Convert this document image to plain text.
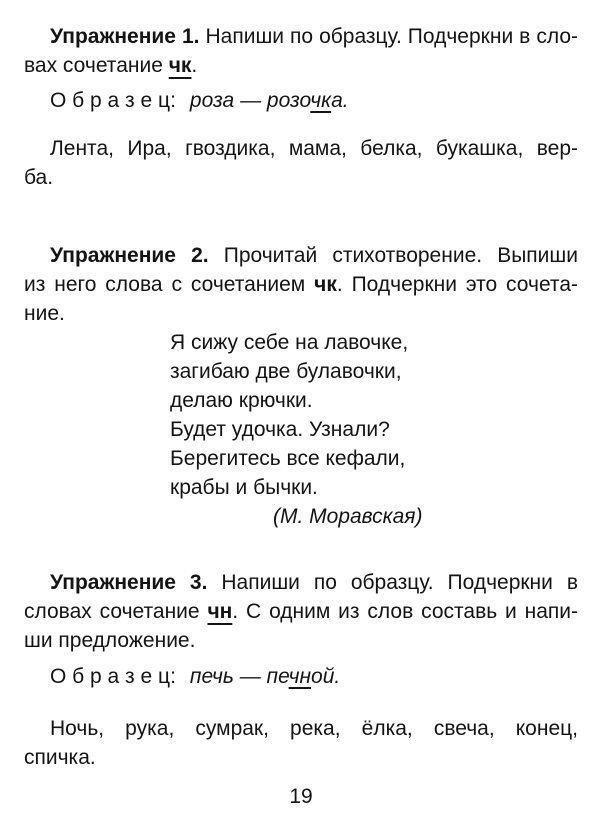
Упражнение 1. Напиши по образцу. Подчеркни в сло-
вах сочетание чк.
О б р а з е ц: роза — розочка.
Лента, Ира, гвоздика, мама, белка, букашка, вер-
ба.
Упражнение 2. Прочитай стихотворение. Выпиши
из него слова с сочетанием чк. Подчеркни это сочета-
ние.
Я сижу себе на лавочке,
загибаю две булавочки,
делаю крючки.
Будет удочка. Узнали?
Берегитесь все кефали,
крабы и бычки.
(М. Моравская)
Упражнение 3. Напиши по образцу. Подчеркни в
словах сочетание чн. С одним из слов составь и напи-
ши предложение.
О б р а з е ц: печь — печной.
Ночь, рука, сумрак, река, ёлка, свеча, конец,
спичка.
19
